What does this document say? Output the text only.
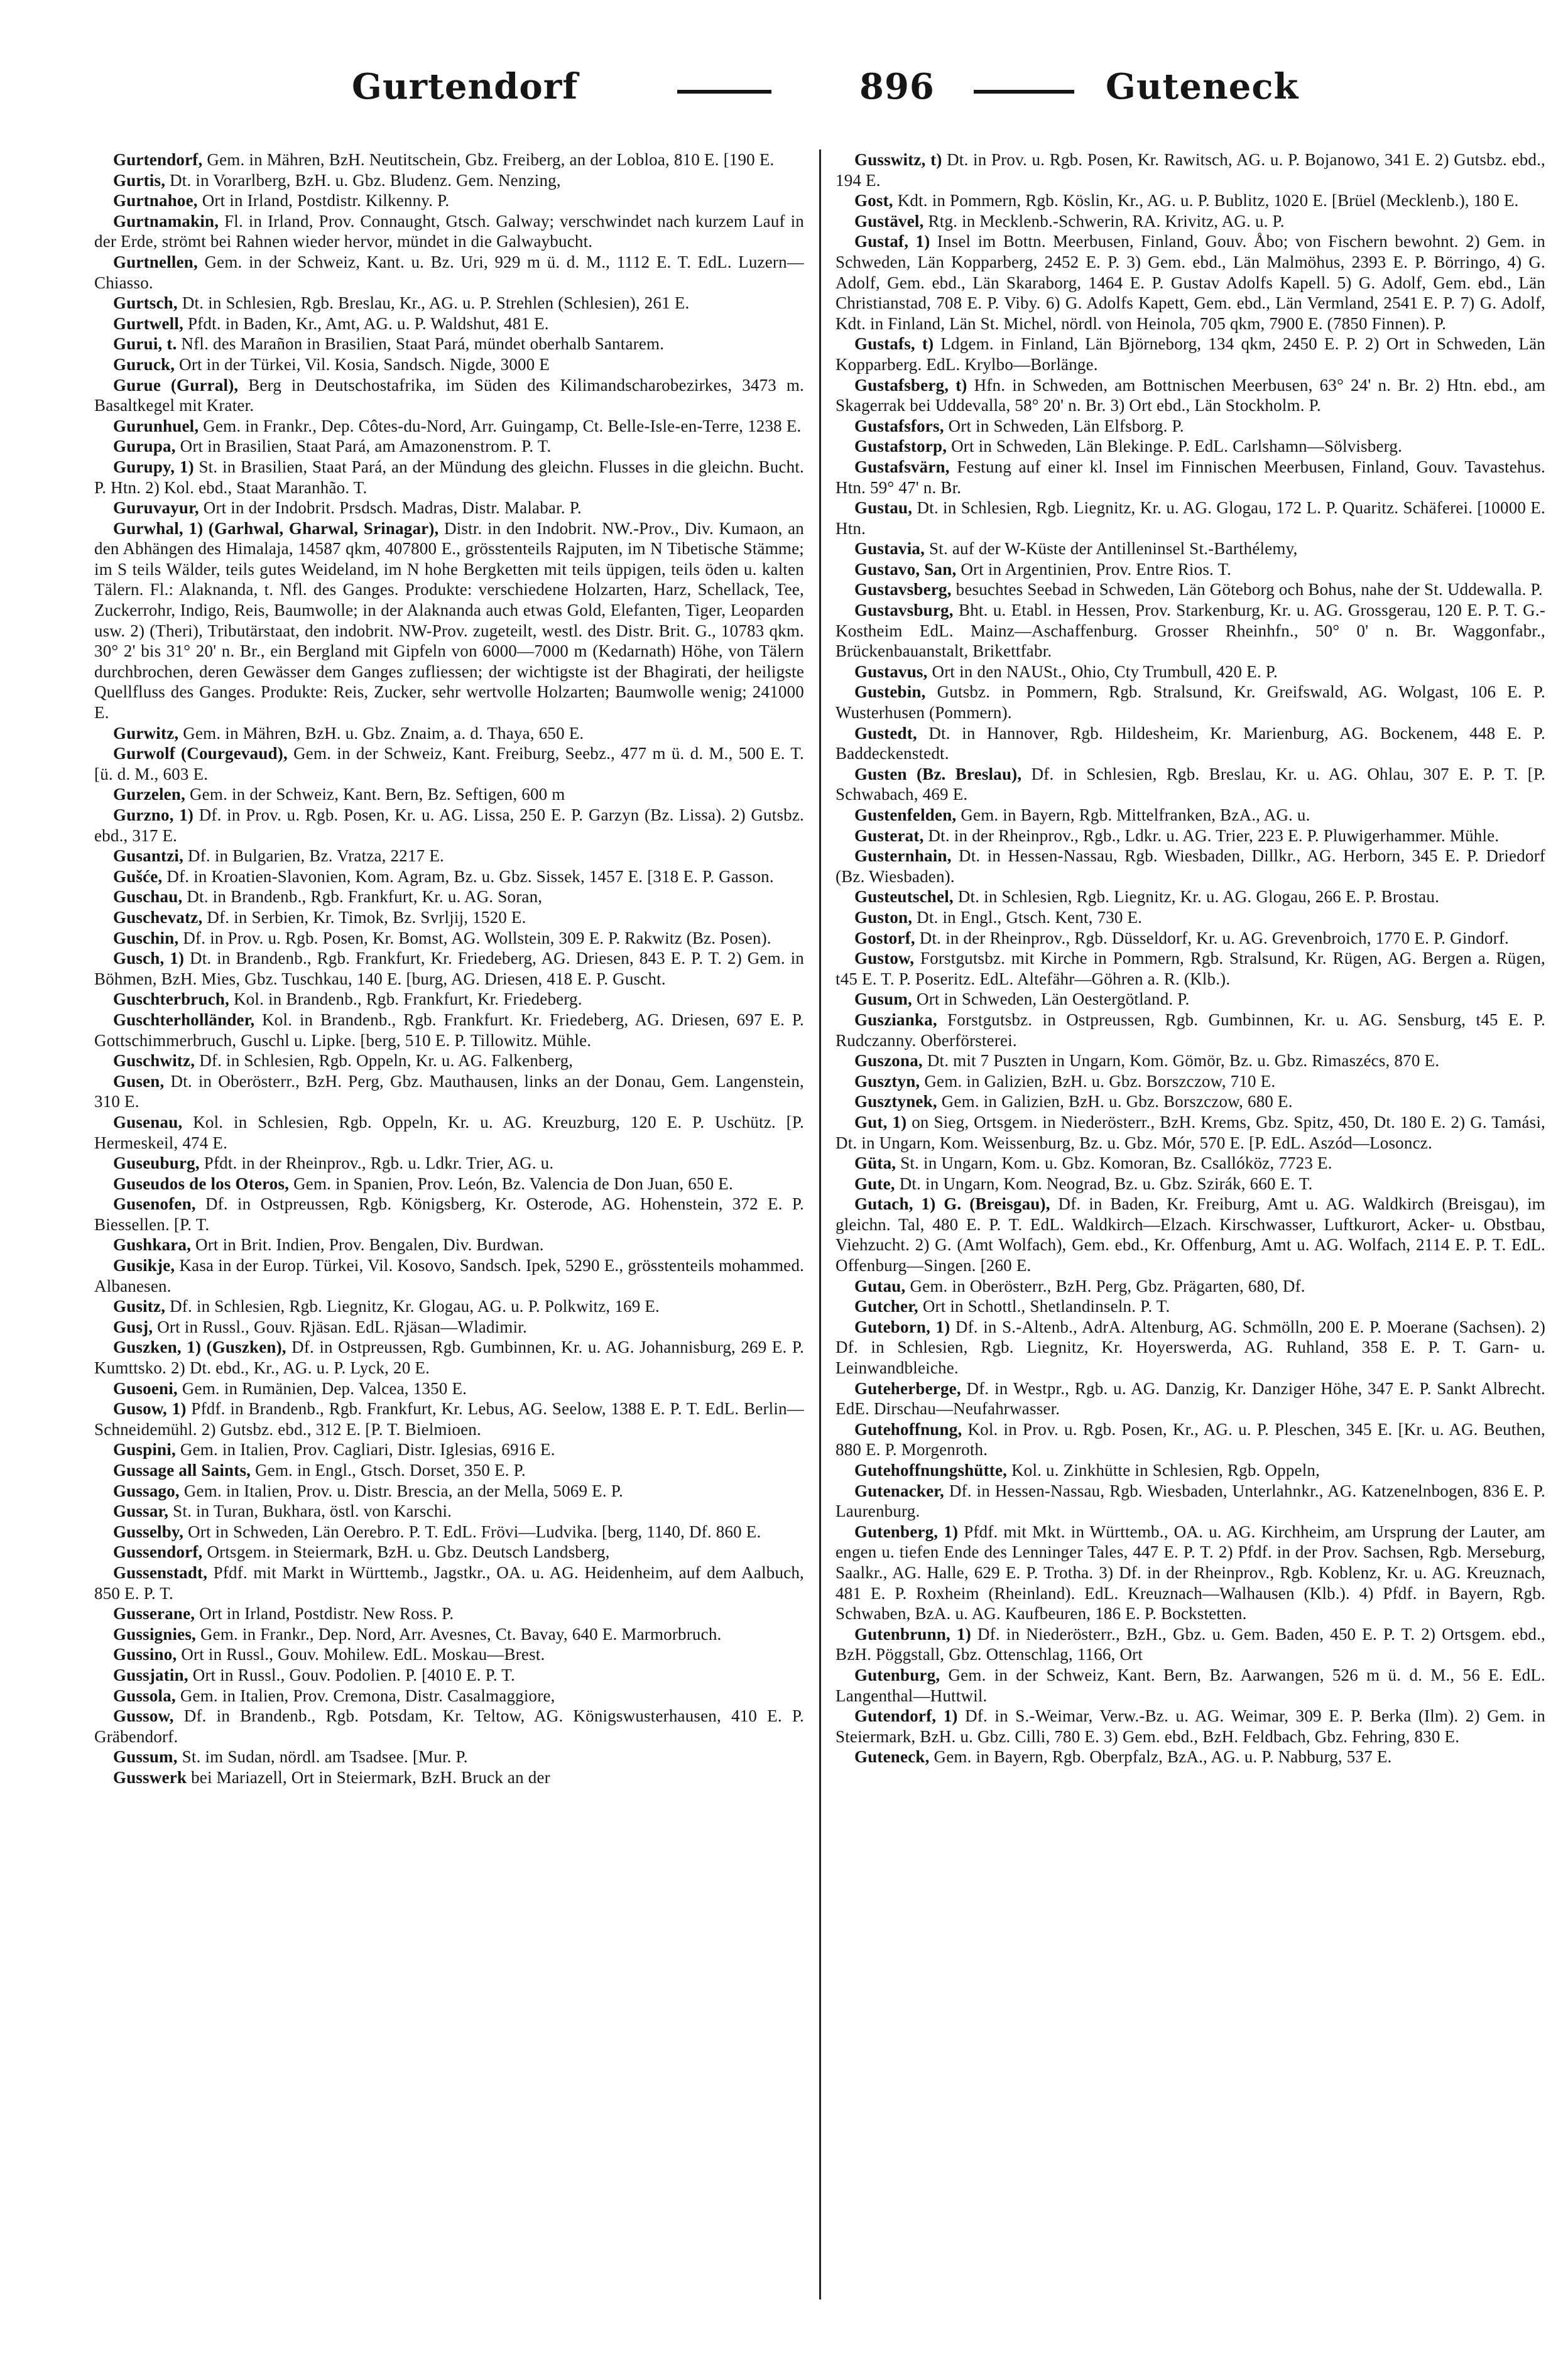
Gurtendorf	896	Guteneck

Gurtendorf, Gem. in Mähren, BzH. Neutitschein, Gbz. Freiberg, an der Lobloa, 810 E. [190 E.

Gurtis, Dt. in Vorarlberg, BzH. u. Gbz. Bludenz. Gem. Nenzing,

Gurtnahoe, Ort in Irland, Postdistr. Kilkenny. P.

Gurtnamakin, Fl. in Irland, Prov. Connaught, Gtsch. Galway; verschwindet nach kurzem Lauf in der Erde, strömt bei Rahnen wieder hervor, mündet in die Galwaybucht.

Gurtnellen, Gem. in der Schweiz, Kant. u. Bz. Uri, 929 m ü. d. M., 1112 E. T. EdL. Luzern—Chiasso.

Gurtsch, Dt. in Schlesien, Rgb. Breslau, Kr., AG. u. P. Strehlen (Schlesien), 261 E.

Gurtwell, Pfdt. in Baden, Kr., Amt, AG. u. P. Waldshut, 481 E.

Gurui, t. Nfl. des Marañon in Brasilien, Staat Pará, mündet oberhalb Santarem.

Guruck, Ort in der Türkei, Vil. Kosia, Sandsch. Nigde, 3000 E

Gurue (Gurral), Berg in Deutschostafrika, im Süden des Kilimandscharobezirkes, 3473 m. Basaltkegel mit Krater.

Gurunhuel, Gem. in Frankr., Dep. Côtes-du-Nord, Arr. Guingamp, Ct. Belle-Isle-en-Terre, 1238 E.

Gurupa, Ort in Brasilien, Staat Pará, am Amazonenstrom. P. T.

Gurupy, 1) St. in Brasilien, Staat Pará, an der Mündung des gleichn. Flusses in die gleichn. Bucht. P. Htn. 2) Kol. ebd., Staat Maranhão. T.

Guruvayur, Ort in der Indobrit. Prsdsch. Madras, Distr. Malabar. P.

Gurwhal, 1) (Garhwal, Gharwal, Srinagar), Distr. in den Indobrit. NW.-Prov., Div. Kumaon, an den Abhängen des Himalaja, 14587 qkm, 407800 E., grösstenteils Rajputen, im N Tibetische Stämme; im S teils Wälder, teils gutes Weideland, im N hohe Bergketten mit teils üppigen, teils öden u. kalten Tälern. Fl.: Alaknanda, t. Nfl. des Ganges. Produkte: verschiedene Holzarten, Harz, Schellack, Tee, Zuckerrohr, Indigo, Reis, Baumwolle; in der Alaknanda auch etwas Gold, Elefanten, Tiger, Leoparden usw. 2) (Theri), Tributärstaat, den indobrit. NW-Prov. zugeteilt, westl. des Distr. Brit. G., 10783 qkm. 30° 2' bis 31° 20' n. Br., ein Bergland mit Gipfeln von 6000—7000 m (Kedarnath) Höhe, von Tälern durchbrochen, deren Gewässer dem Ganges zufliessen; der wichtigste ist der Bhagirati, der heiligste Quellfluss des Ganges. Produkte: Reis, Zucker, sehr wertvolle Holzarten; Baumwolle wenig; 241000 E.

Gurwitz, Gem. in Mähren, BzH. u. Gbz. Znaim, a. d. Thaya, 650 E.

Gurwolf (Courgevaud), Gem. in der Schweiz, Kant. Freiburg, Seebz., 477 m ü. d. M., 500 E. T. [ü. d. M., 603 E.

Gurzelen, Gem. in der Schweiz, Kant. Bern, Bz. Seftigen, 600 m

Gurzno, 1) Df. in Prov. u. Rgb. Posen, Kr. u. AG. Lissa, 250 E. P. Garzyn (Bz. Lissa). 2) Gutsbz. ebd., 317 E.

Gusantzi, Df. in Bulgarien, Bz. Vratza, 2217 E.

Gušće, Df. in Kroatien-Slavonien, Kom. Agram, Bz. u. Gbz. Sissek, 1457 E. [318 E. P. Gasson.

Guschau, Dt. in Brandenb., Rgb. Frankfurt, Kr. u. AG. Soran,

Guschevatz, Df. in Serbien, Kr. Timok, Bz. Svrljij, 1520 E.

Guschin, Df. in Prov. u. Rgb. Posen, Kr. Bomst, AG. Wollstein, 309 E. P. Rakwitz (Bz. Posen).

Gusch, 1) Dt. in Brandenb., Rgb. Frankfurt, Kr. Friedeberg, AG. Driesen, 843 E. P. T. 2) Gem. in Böhmen, BzH. Mies, Gbz. Tuschkau, 140 E. [burg, AG. Driesen, 418 E. P. Guscht.

Guschterbruch, Kol. in Brandenb., Rgb. Frankfurt, Kr. Friedeberg.

Guschterholländer, Kol. in Brandenb., Rgb. Frankfurt. Kr. Friedeberg, AG. Driesen, 697 E. P. Gottschimmerbruch, Guschl u. Lipke. [berg, 510 E. P. Tillowitz. Mühle.

Guschwitz, Df. in Schlesien, Rgb. Oppeln, Kr. u. AG. Falkenberg,

Gusen, Dt. in Oberösterr., BzH. Perg, Gbz. Mauthausen, links an der Donau, Gem. Langenstein, 310 E.

Gusenau, Kol. in Schlesien, Rgb. Oppeln, Kr. u. AG. Kreuzburg, 120 E. P. Uschütz. [P. Hermeskeil, 474 E.

Guseuburg, Pfdt. in der Rheinprov., Rgb. u. Ldkr. Trier, AG. u.

Guseudos de los Oteros, Gem. in Spanien, Prov. León, Bz. Valencia de Don Juan, 650 E.

Gusenofen, Df. in Ostpreussen, Rgb. Königsberg, Kr. Osterode, AG. Hohenstein, 372 E. P. Biessellen. [P. T.

Gushkara, Ort in Brit. Indien, Prov. Bengalen, Div. Burdwan.

Gusikje, Kasa in der Europ. Türkei, Vil. Kosovo, Sandsch. Ipek, 5290 E., grösstenteils mohammed. Albanesen.

Gusitz, Df. in Schlesien, Rgb. Liegnitz, Kr. Glogau, AG. u. P. Polkwitz, 169 E.

Gusj, Ort in Russl., Gouv. Rjäsan. EdL. Rjäsan—Wladimir.

Guszken, 1) (Guszken), Df. in Ostpreussen, Rgb. Gumbinnen, Kr. u. AG. Johannisburg, 269 E. P. Kumttsko. 2) Dt. ebd., Kr., AG. u. P. Lyck, 20 E.

Gusoeni, Gem. in Rumänien, Dep. Valcea, 1350 E.

Gusow, 1) Pfdf. in Brandenb., Rgb. Frankfurt, Kr. Lebus, AG. Seelow, 1388 E. P. T. EdL. Berlin—Schneidemühl. 2) Gutsbz. ebd., 312 E. [P. T. Bielmioen.

Guspini, Gem. in Italien, Prov. Cagliari, Distr. Iglesias, 6916 E.

Gussage all Saints, Gem. in Engl., Gtsch. Dorset, 350 E. P.

Gussago, Gem. in Italien, Prov. u. Distr. Brescia, an der Mella, 5069 E. P.

Gussar, St. in Turan, Bukhara, östl. von Karschi.

Gusselby, Ort in Schweden, Län Oerebro. P. T. EdL. Frövi—Ludvika. [berg, 1140, Df. 860 E.

Gussendorf, Ortsgem. in Steiermark, BzH. u. Gbz. Deutsch Landsberg,

Gussenstadt, Pfdf. mit Markt in Württemb., Jagstkr., OA. u. AG. Heidenheim, auf dem Aalbuch, 850 E. P. T.

Gusserane, Ort in Irland, Postdistr. New Ross. P.

Gussignies, Gem. in Frankr., Dep. Nord, Arr. Avesnes, Ct. Bavay, 640 E. Marmorbruch.

Gussino, Ort in Russl., Gouv. Mohilew. EdL. Moskau—Brest.

Gussjatin, Ort in Russl., Gouv. Podolien. P. [4010 E. P. T.

Gussola, Gem. in Italien, Prov. Cremona, Distr. Casalmaggiore,

Gussow, Df. in Brandenb., Rgb. Potsdam, Kr. Teltow, AG. Königswusterhausen, 410 E. P. Gräbendorf.

Gussum, St. im Sudan, nördl. am Tsadsee. [Mur. P.

Gusswerk bei Mariazell, Ort in Steiermark, BzH. Bruck an der

Gusswitz, t) Dt. in Prov. u. Rgb. Posen, Kr. Rawitsch, AG. u. P. Bojanowo, 341 E. 2) Gutsbz. ebd., 194 E.

Gost, Kdt. in Pommern, Rgb. Köslin, Kr., AG. u. P. Bublitz, 1020 E. [Brüel (Mecklenb.), 180 E.

Gustävel, Rtg. in Mecklenb.-Schwerin, RA. Krivitz, AG. u. P.

Gustaf, 1) Insel im Bottn. Meerbusen, Finland, Gouv. Åbo; von Fischern bewohnt. 2) Gem. in Schweden, Län Kopparberg, 2452 E. P. 3) Gem. ebd., Län Malmöhus, 2393 E. P. Börringo, 4) G. Adolf, Gem. ebd., Län Skaraborg, 1464 E. P. Gustav Adolfs Kapell. 5) G. Adolf, Gem. ebd., Län Christianstad, 708 E. P. Viby. 6) G. Adolfs Kapett, Gem. ebd., Län Vermland, 2541 E. P. 7) G. Adolf, Kdt. in Finland, Län St. Michel, nördl. von Heinola, 705 qkm, 7900 E. (7850 Finnen). P.

Gustafs, t) Ldgem. in Finland, Län Björneborg, 134 qkm, 2450 E. P. 2) Ort in Schweden, Län Kopparberg. EdL. Krylbo—Borlänge.

Gustafsberg, t) Hfn. in Schweden, am Bottnischen Meerbusen, 63° 24' n. Br. 2) Htn. ebd., am Skagerrak bei Uddevalla, 58° 20' n. Br. 3) Ort ebd., Län Stockholm. P.

Gustafsfors, Ort in Schweden, Län Elfsborg. P.

Gustafstorp, Ort in Schweden, Län Blekinge. P. EdL. Carlshamn—Sölvisberg.

Gustafsvärn, Festung auf einer kl. Insel im Finnischen Meerbusen, Finland, Gouv. Tavastehus. Htn. 59° 47' n. Br.

Gustau, Dt. in Schlesien, Rgb. Liegnitz, Kr. u. AG. Glogau, 172 L. P. Quaritz. Schäferei. [10000 E. Htn.

Gustavia, St. auf der W-Küste der Antilleninsel St.-Barthélemy,

Gustavo, San, Ort in Argentinien, Prov. Entre Rios. T.

Gustavsberg, besuchtes Seebad in Schweden, Län Göteborg och Bohus, nahe der St. Uddewalla. P.

Gustavsburg, Bht. u. Etabl. in Hessen, Prov. Starkenburg, Kr. u. AG. Grossgerau, 120 E. P. T. G.-Kostheim EdL. Mainz—Aschaffenburg. Grosser Rheinhfn., 50° 0' n. Br. Waggonfabr., Brückenbauanstalt, Brikettfabr.

Gustavus, Ort in den NAUSt., Ohio, Cty Trumbull, 420 E. P.

Gustebin, Gutsbz. in Pommern, Rgb. Stralsund, Kr. Greifswald, AG. Wolgast, 106 E. P. Wusterhusen (Pommern).

Gustedt, Dt. in Hannover, Rgb. Hildesheim, Kr. Marienburg, AG. Bockenem, 448 E. P. Baddeckenstedt.

Gusten (Bz. Breslau), Df. in Schlesien, Rgb. Breslau, Kr. u. AG. Ohlau, 307 E. P. T. [P. Schwabach, 469 E.

Gustenfelden, Gem. in Bayern, Rgb. Mittelfranken, BzA., AG. u.

Gusterat, Dt. in der Rheinprov., Rgb., Ldkr. u. AG. Trier, 223 E. P. Pluwigerhammer. Mühle.

Gusternhain, Dt. in Hessen-Nassau, Rgb. Wiesbaden, Dillkr., AG. Herborn, 345 E. P. Driedorf (Bz. Wiesbaden).

Gusteutschel, Dt. in Schlesien, Rgb. Liegnitz, Kr. u. AG. Glogau, 266 E. P. Brostau.

Guston, Dt. in Engl., Gtsch. Kent, 730 E.

Gostorf, Dt. in der Rheinprov., Rgb. Düsseldorf, Kr. u. AG. Grevenbroich, 1770 E. P. Gindorf.

Gustow, Forstgutsbz. mit Kirche in Pommern, Rgb. Stralsund, Kr. Rügen, AG. Bergen a. Rügen, t45 E. T. P. Poseritz. EdL. Altefähr—Göhren a. R. (Klb.).

Gusum, Ort in Schweden, Län Oestergötland. P.

Guszianka, Forstgutsbz. in Ostpreussen, Rgb. Gumbinnen, Kr. u. AG. Sensburg, t45 E. P. Rudczanny. Oberförsterei.

Guszona, Dt. mit 7 Puszten in Ungarn, Kom. Gömör, Bz. u. Gbz. Rimaszécs, 870 E.

Gusztyn, Gem. in Galizien, BzH. u. Gbz. Borszczow, 710 E.

Gusztynek, Gem. in Galizien, BzH. u. Gbz. Borszczow, 680 E.

Gut, 1) on Sieg, Ortsgem. in Niederösterr., BzH. Krems, Gbz. Spitz, 450, Dt. 180 E. 2) G. Tamási, Dt. in Ungarn, Kom. Weissenburg, Bz. u. Gbz. Mór, 570 E. [P. EdL. Aszód—Losoncz.

Güta, St. in Ungarn, Kom. u. Gbz. Komoran, Bz. Csallóköz, 7723 E.

Gute, Dt. in Ungarn, Kom. Neograd, Bz. u. Gbz. Szirák, 660 E. T.

Gutach, 1) G. (Breisgau), Df. in Baden, Kr. Freiburg, Amt u. AG. Waldkirch (Breisgau), im gleichn. Tal, 480 E. P. T. EdL. Waldkirch—Elzach. Kirschwasser, Luftkurort, Acker- u. Obstbau, Viehzucht. 2) G. (Amt Wolfach), Gem. ebd., Kr. Offenburg, Amt u. AG. Wolfach, 2114 E. P. T. EdL. Offenburg—Singen. [260 E.

Gutau, Gem. in Oberösterr., BzH. Perg, Gbz. Prägarten, 680, Df.

Gutcher, Ort in Schottl., Shetlandinseln. P. T.

Guteborn, 1) Df. in S.-Altenb., AdrA. Altenburg, AG. Schmölln, 200 E. P. Moerane (Sachsen). 2) Df. in Schlesien, Rgb. Liegnitz, Kr. Hoyerswerda, AG. Ruhland, 358 E. P. T. Garn- u. Leinwandbleiche.

Guteherberge, Df. in Westpr., Rgb. u. AG. Danzig, Kr. Danziger Höhe, 347 E. P. Sankt Albrecht. EdE. Dirschau—Neufahrwasser.

Gutehoffnung, Kol. in Prov. u. Rgb. Posen, Kr., AG. u. P. Pleschen, 345 E. [Kr. u. AG. Beuthen, 880 E. P. Morgenroth.

Gutehoffnungshütte, Kol. u. Zinkhütte in Schlesien, Rgb. Oppeln,

Gutenacker, Df. in Hessen-Nassau, Rgb. Wiesbaden, Unterlahnkr., AG. Katzenelnbogen, 836 E. P. Laurenburg.

Gutenberg, 1) Pfdf. mit Mkt. in Württemb., OA. u. AG. Kirchheim, am Ursprung der Lauter, am engen u. tiefen Ende des Lenninger Tales, 447 E. P. T. 2) Pfdf. in der Prov. Sachsen, Rgb. Merseburg, Saalkr., AG. Halle, 629 E. P. Trotha. 3) Df. in der Rheinprov., Rgb. Koblenz, Kr. u. AG. Kreuznach, 481 E. P. Roxheim (Rheinland). EdL. Kreuznach—Walhausen (Klb.). 4) Pfdf. in Bayern, Rgb. Schwaben, BzA. u. AG. Kaufbeuren, 186 E. P. Bockstetten.

Gutenbrunn, 1) Df. in Niederösterr., BzH., Gbz. u. Gem. Baden, 450 E. P. T. 2) Ortsgem. ebd., BzH. Pöggstall, Gbz. Ottenschlag, 1166, Ort

Gutenburg, Gem. in der Schweiz, Kant. Bern, Bz. Aarwangen, 526 m ü. d. M., 56 E. EdL. Langenthal—Huttwil.

Gutendorf, 1) Df. in S.-Weimar, Verw.-Bz. u. AG. Weimar, 309 E. P. Berka (Ilm). 2) Gem. in Steiermark, BzH. u. Gbz. Cilli, 780 E. 3) Gem. ebd., BzH. Feldbach, Gbz. Fehring, 830 E.

Guteneck, Gem. in Bayern, Rgb. Oberpfalz, BzA., AG. u. P. Nabburg, 537 E.
